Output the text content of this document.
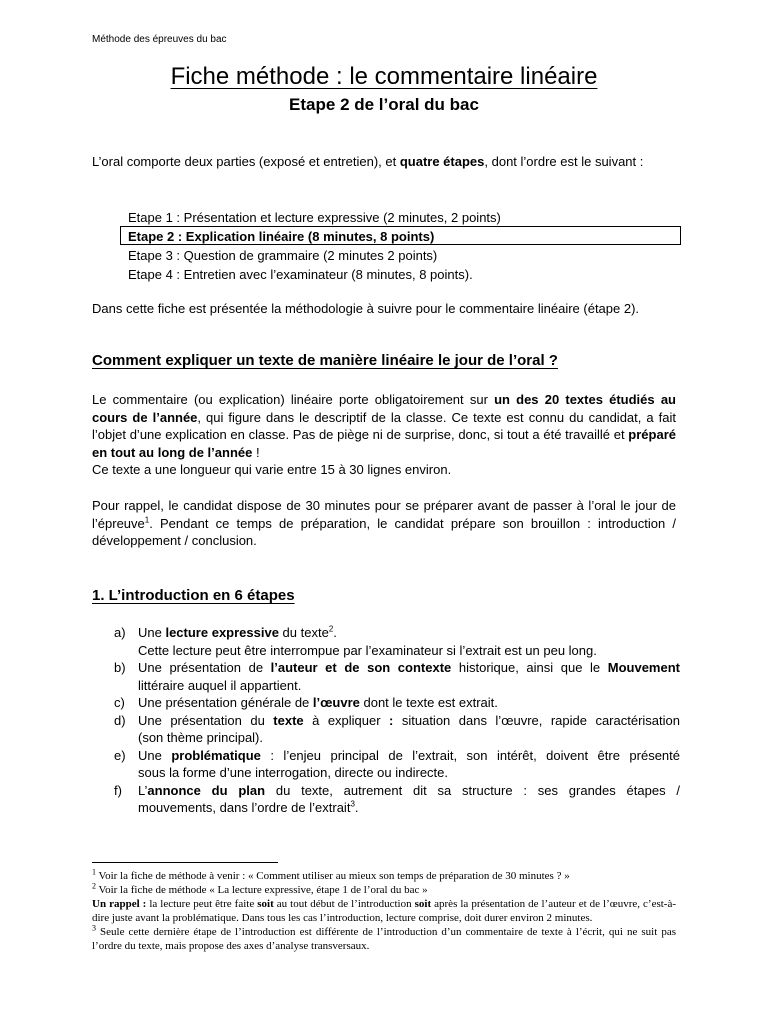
Méthode des épreuves du bac
Fiche méthode : le commentaire linéaire
Etape 2 de l’oral du bac
L’oral comporte deux parties (exposé et entretien), et quatre étapes, dont l’ordre est le suivant :
Etape 1 : Présentation et lecture expressive (2 minutes, 2 points)
Etape 2 : Explication linéaire (8 minutes, 8 points)
Etape 3 : Question de grammaire (2 minutes 2 points)
Etape 4 : Entretien avec l’examinateur (8 minutes, 8 points).
Dans cette fiche est présentée la méthodologie à suivre pour le commentaire linéaire (étape 2).
Comment expliquer un texte de manière linéaire le jour de l’oral ?
Le commentaire (ou explication) linéaire porte obligatoirement sur un des 20 textes étudiés au cours de l’année, qui figure dans le descriptif de la classe. Ce texte est connu du candidat, a fait l’objet d’une explication en classe. Pas de piège ni de surprise, donc, si tout a été travaillé et préparé en tout au long de l’année !
Ce texte a une longueur qui varie entre 15 à 30 lignes environ.
Pour rappel, le candidat dispose de 30 minutes pour se préparer avant de passer à l’oral le jour de l’épreuve$^1$. Pendant ce temps de préparation, le candidat prépare son brouillon : introduction / développement / conclusion.
1. L’introduction en 6 étapes
a) Une lecture expressive du texte$^2$.
Cette lecture peut être interrompue par l’examinateur si l’extrait est un peu long.
b) Une présentation de l’auteur et de son contexte historique, ainsi que le Mouvement
littéraire auquel il appartient.
c)	Une présentation générale de l’œuvre dont le texte est extrait.
d) Une présentation du texte à expliquer : situation dans l’œuvre, rapide caractérisation
(son thème principal).
e) Une problématique : l’enjeu principal de l’extrait, son intérêt, doivent être présenté
sous la forme d’une interrogation, directe ou indirecte.
f)	L’annonce du plan du texte, autrement dit sa structure : ses grandes étapes /
mouvements, dans l’ordre de l’extrait$^3$.

$^1$ Voir la fiche de méthode à venir : « Comment utiliser au mieux son temps de préparation de 30 minutes ? »

$^2$ Voir la fiche de méthode « La lecture expressive, étape 1 de l’oral du bac »

Un rappel : la lecture peut être faite soit au tout début de l’introduction soit après la présentation de l’auteur et de l’œuvre, c’est-à-dire juste avant la problématique. Dans tous les cas l’introduction, lecture comprise, doit durer environ 2 minutes.

$^3$ Seule cette dernière étape de l’introduction est différente de l’introduction d’un commentaire de texte à l’écrit, qui ne suit pas l’ordre du texte, mais propose des axes d’analyse transversaux.
